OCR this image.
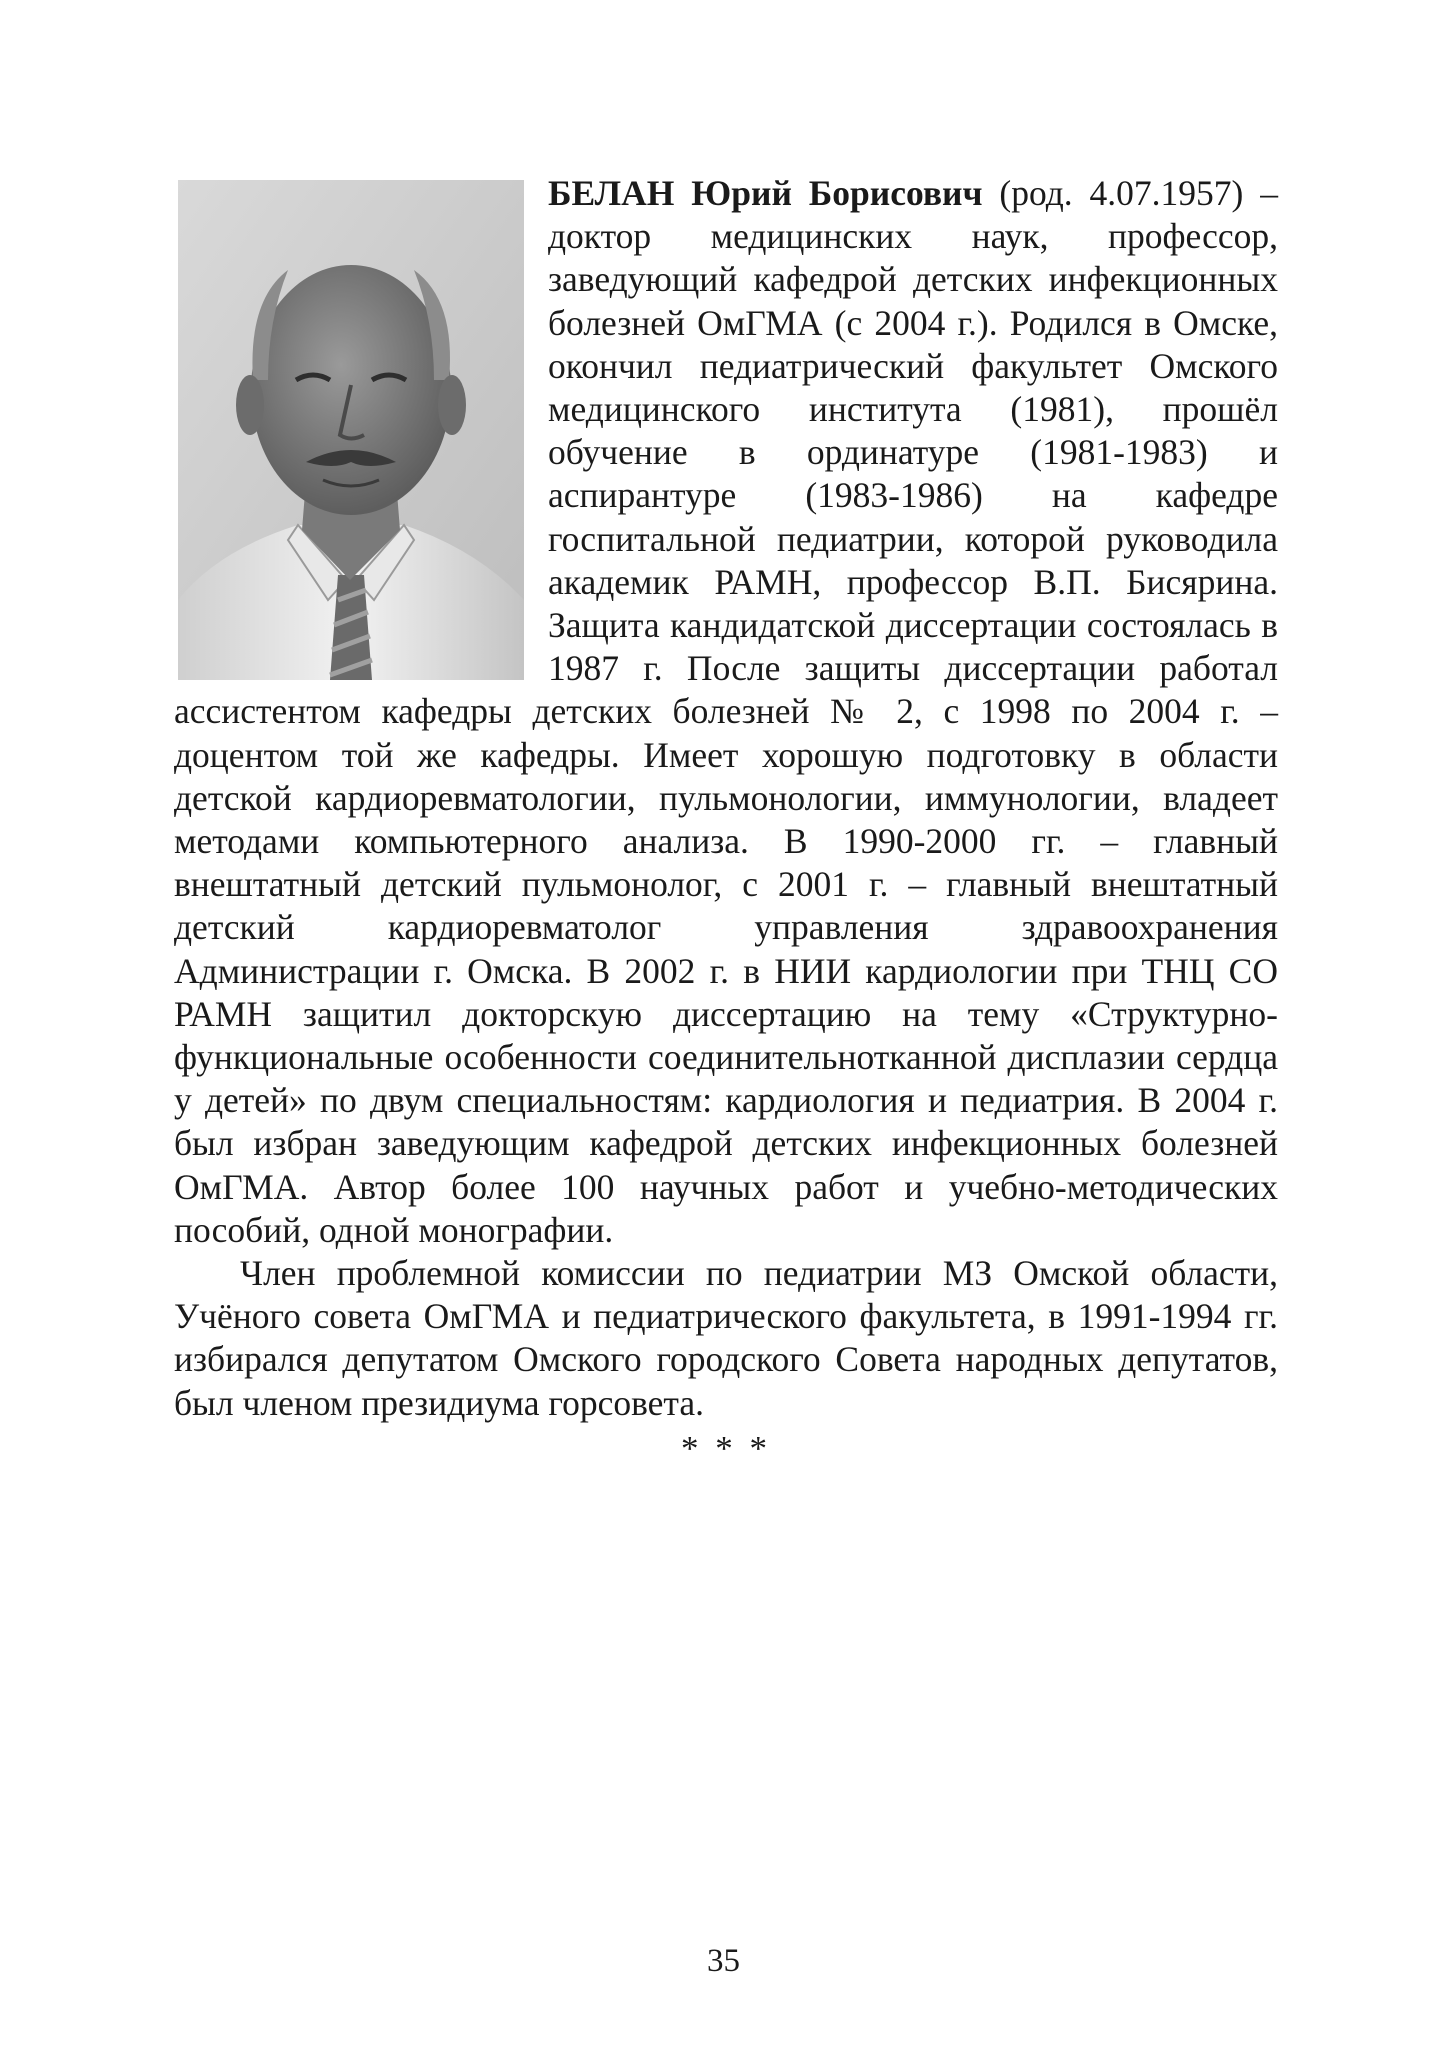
БЕЛАН Юрий Борисович (род. 4.07.1957) – доктор медицинских наук, профессор, заведующий кафедрой детских инфекционных болезней ОмГМА (с 2004 г.). Родился в Омске, окончил педиатрический факультет Омского медицинского института (1981), прошёл обучение в ординатуре (1981-1983) и аспирантуре (1983-1986) на кафедре госпитальной педиатрии, которой руководила академик РАМН, профессор В.П. Бисярина. Защита кандидатской диссертации состоялась в 1987 г. После защиты диссертации работал ассистентом кафедры детских болезней № 2, с 1998 по 2004 г. – доцентом той же кафедры. Имеет хорошую подготовку в области детской кардиоревматологии, пульмонологии, иммунологии, владеет методами компьютерного анализа. В 1990-2000 гг. – главный внештатный детский пульмонолог, с 2001 г. – главный внештатный детский кардиоревматолог управления здравоохранения Администрации г. Омска. В 2002 г. в НИИ кардиологии при ТНЦ СО РАМН защитил докторскую диссертацию на тему «Структурно-функциональные особенности соединительнотканной дисплазии сердца у детей» по двум специальностям: кардиология и педиатрия. В 2004 г. был избран заведующим кафедрой детских инфекционных болезней ОмГМА. Автор более 100 научных работ и учебно-методических пособий, одной монографии.

Член проблемной комиссии по педиатрии МЗ Омской области, Учёного совета ОмГМА и педиатрического факультета, в 1991-1994 гг. избирался депутатом Омского городского Совета народных депутатов, был членом президиума горсовета.

* * *
35
